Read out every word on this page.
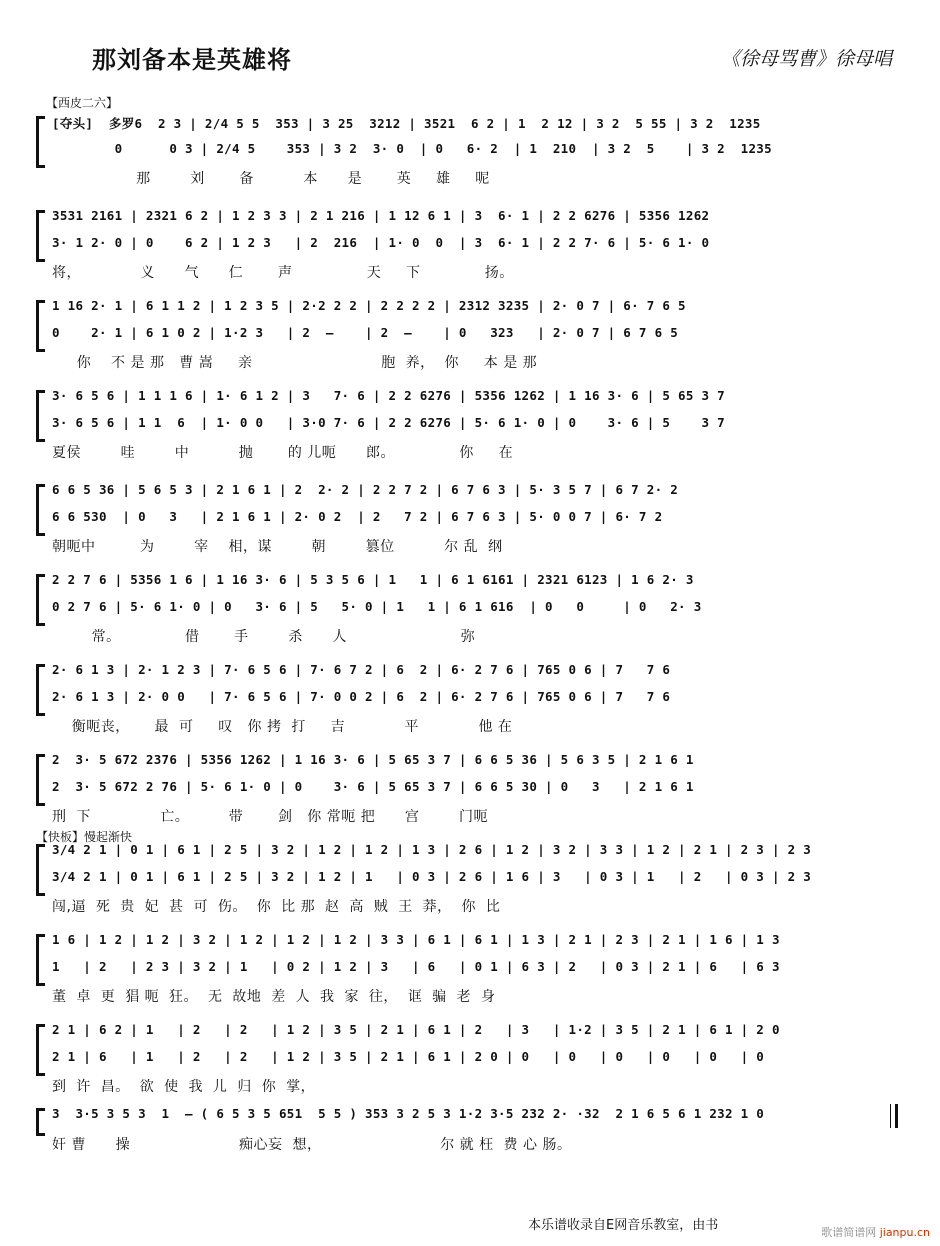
那刘备本是英雄将	《徐母骂曹》徐母唱
【西皮二六】
[夺头]  多罗6  2 3 | 2/4 5 5  353 | 3 25  3212 | 3521  6 2 | 1  2 12 | 3 2  5 55 | 3 2  1235
0      0 3 | 2/4 5    353 | 3 2  3· 0  | 0   6· 2  | 1  210  | 3 2  5    | 3 2  1235
那        刘       备          本      是       英     雄     呢
3531 2161 | 2321 6 2 | 1 2 3 3 | 2 1 216 | 1 12 6 1 | 3  6· 1 | 2 2 6276 | 5356 1262
3· 1 2· 0 | 0    6 2 | 1 2 3   | 2  216  | 1· 0  0  | 3  6· 1 | 2 2 7· 6 | 5· 6 1· 0
将，            义      气      仁       声               天     下             扬。
1 16 2· 1 | 6 1 1 2 | 1 2 3 5 | 2·2 2 2 | 2 2 2 2 | 2312 3235 | 2· 0 7 | 6· 7 6 5
0    2· 1 | 6 1 0 2 | 1·2 3   | 2  —    | 2  —    | 0   323   | 2· 0 7 | 6 7 6 5
你    不 是 那   曹 嵩     亲                          胞  养，  你     本 是 那
3· 6 5 6 | 1 1 1 6 | 1· 6 1 2 | 3   7· 6 | 2 2 6276 | 5356 1262 | 1 16 3· 6 | 5 65 3 7
3· 6 5 6 | 1 1  6  | 1· 0 0   | 3·0 7· 6 | 2 2 6276 | 5· 6 1· 0 | 0    3· 6 | 5    3 7
夏侯        哇        中          抛       的 儿呃      郎。             你     在
6 6 5 36 | 5 6 5 3 | 2 1 6 1 | 2  2· 2 | 2 2 7 2 | 6 7 6 3 | 5· 3 5 7 | 6 7 2· 2
6 6 530  | 0   3   | 2 1 6 1 | 2· 0 2  | 2   7 2 | 6 7 6 3 | 5· 0 0 7 | 6· 7 2
朝呃中         为        宰    相，谋        朝        篡位          尔 乱  纲
2 2 7 6 | 5356 1 6 | 1 16 3· 6 | 5 3 5 6 | 1   1 | 6 1 6161 | 2321 6123 | 1 6 2· 3
0 2 7 6 | 5· 6 1· 0 | 0   3· 6 | 5   5· 0 | 1   1 | 6 1 616  | 0   0     | 0   2· 3
常。             借       手        杀      人                       弥
2· 6 1 3 | 2· 1 2 3 | 7· 6 5 6 | 7· 6 7 2 | 6  2 | 6· 2 7 6 | 765 0 6 | 7   7 6
2· 6 1 3 | 2· 0 0   | 7· 6 5 6 | 7· 0 0 2 | 6  2 | 6· 2 7 6 | 765 0 6 | 7   7 6
衡呃丧，     最  可     叹   你 拷  打     吉            平            他 在
2  3· 5 672 2376 | 5356 1262 | 1 16 3· 6 | 5 65 3 7 | 6 6 5 36 | 5 6 3 5 | 2 1 6 1
2  3· 5 672 2 76 | 5· 6 1· 0 | 0    3· 6 | 5 65 3 7 | 6 6 5 30 | 0   3   | 2 1 6 1
刑  下              亡。        带       剑   你 常呃 把      宫        门呃
3/4 2 1 | 0 1 | 6 1 | 2 5 | 3 2 | 1 2 | 1 2 | 1 3 | 2 6 | 1 2 | 3 2 | 3 3 | 1 2 | 2 1 | 2 3 | 2 3
3/4 2 1 | 0 1 | 6 1 | 2 5 | 3 2 | 1 2 | 1   | 0 3 | 2 6 | 1 6 | 3   | 0 3 | 1   | 2   | 0 3 | 2 3
闯,逼  死  贵  妃  甚  可  伤。  你  比 那  赵  高  贼  王  莽，  你  比
1 6 | 1 2 | 1 2 | 3 2 | 1 2 | 1 2 | 1 2 | 3 3 | 6 1 | 6 1 | 1 3 | 2 1 | 2 3 | 2 1 | 1 6 | 1 3
1   | 2   | 2 3 | 3 2 | 1   | 0 2 | 1 2 | 3   | 6   | 0 1 | 6 3 | 2   | 0 3 | 2 1 | 6   | 6 3
董  卓  更  猖 呃  狂。  无  故地  差  人  我  家  往，  诓  骗  老  身
2 1 | 6 2 | 1   | 2   | 2   | 1 2 | 3 5 | 2 1 | 6 1 | 2   | 3   | 1·2 | 3 5 | 2 1 | 6 1 | 2 0
2 1 | 6   | 1   | 2   | 2   | 1 2 | 3 5 | 2 1 | 6 1 | 2 0 | 0   | 0   | 0   | 0   | 0   | 0
到  许  昌。  欲  使  我  儿  归  你  掌，
3  3·5 3 5 3  1  — ( 6 5 3 5 651  5 5 ) 353 3 2 5 3 1·2 3·5 232 2· ·32  2 1 6 5 6 1 232 1 0
奸 曹      操                      痴心妄  想，                        尔 就 枉  费 心 肠。
【快板】慢起渐快
本乐谱收录自E网音乐教室，由书	歌谱简谱网 jianpu.cn
